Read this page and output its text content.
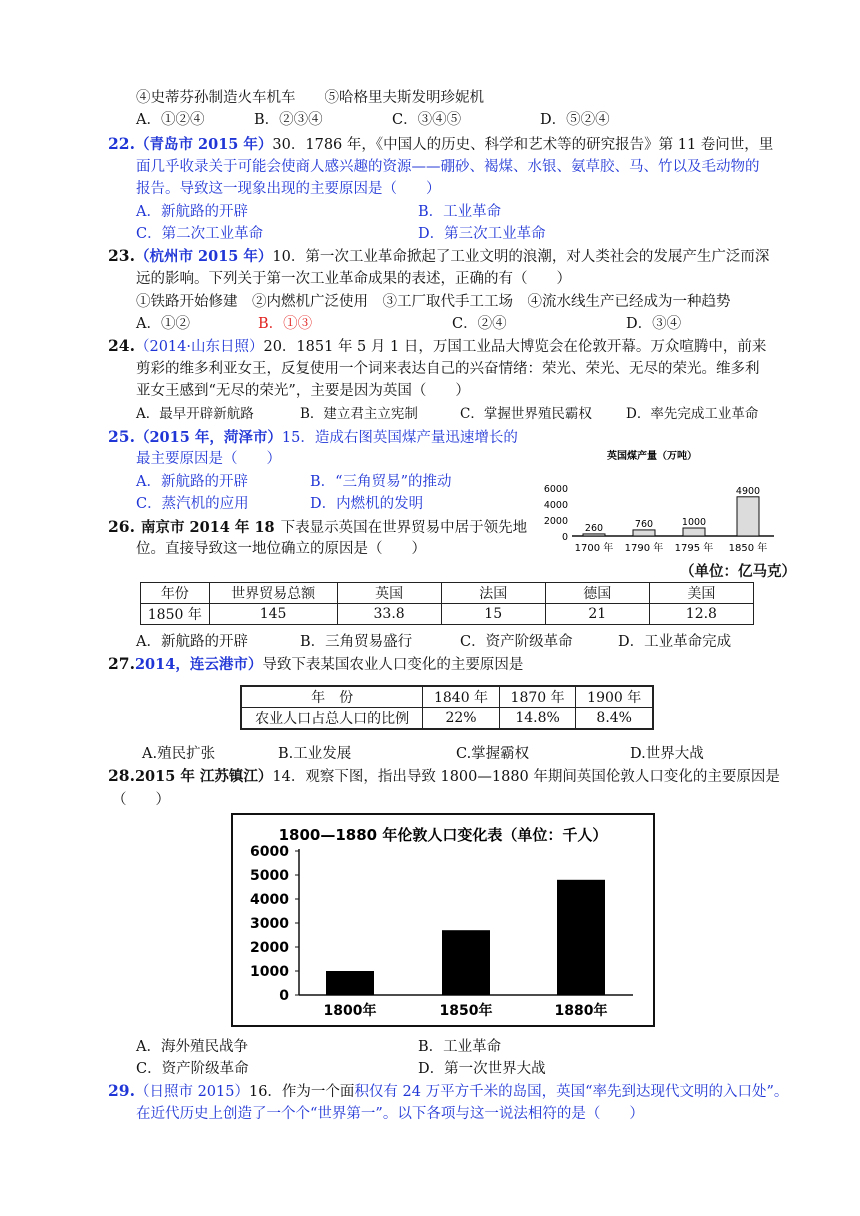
④史蒂芬孙制造火车机车　　⑤哈格里夫斯发明珍妮机
A．①②④	B．②③④	C．③④⑤	D．⑤②④
22.（青岛市 2015 年）30．1786 年，《中国人的历史、科学和艺术等的研究报告》第 11 卷问世，里
面几乎收录关于可能会使商人感兴趣的资源——硼砂、褐煤、水银、氨草胶、马、竹以及毛动物的
报告。导致这一现象出现的主要原因是（　　）
A．新航路的开辟	B．工业革命
C．第二次工业革命	D．第三次工业革命
23.（杭州市 2015 年）10．第一次工业革命掀起了工业文明的浪潮，对人类社会的发展产生广泛而深
远的影响。下列关于第一次工业革命成果的表述，正确的有（　　）
①铁路开始修建　②内燃机广泛使用　③工厂取代手工工场　④流水线生产已经成为一种趋势
A．①②	B．①③	C．②④	D．③④
24.（2014·山东日照）20．1851 年 5 月 1 日，万国工业品大博览会在伦敦开幕。万众喧腾中，前来
剪彩的维多利亚女王，反复使用一个词来表达自己的兴奋情绪：荣光、荣光、无尽的荣光。维多利
亚女王感到“无尽的荣光”，主要是因为英国（　　）
A．最早开辟新航路	B．建立君主立宪制	C．掌握世界殖民霸权	D．率先完成工业革命
25.（2015 年，菏泽市）15．造成右图英国煤产量迅速增长的
最主要原因是（　　）
A．新航路的开辟	B．“三角贸易”的推动
C．蒸汽机的应用	D．内燃机的发明
英国煤产量（万吨）
6000
4000
2000
0
260
1700 年
760
1790 年
1000
1795 年
4900
1850 年
26. 南京市 2014 年 18 下表显示英国在世界贸易中居于领先地
位。直接导致这一地位确立的原因是（　　）
（单位：亿马克）
年份	世界贸易总额	英国	法国	德国	美国
1850 年	145	33.8	15	21	12.8
A．新航路的开辟	B．三角贸易盛行	C．资产阶级革命	D．工业革命完成
27.2014，连云港市）导致下表某国农业人口变化的主要原因是
年　份	1840 年	1870 年	1900 年
农业人口占总人口的比例	22%	14.8%	8.4%
A.殖民扩张	B.工业发展	C.掌握霸权	D.世界大战
28.2015 年 江苏镇江）14．观察下图，指出导致 1800—1880 年期间英国伦敦人口变化的主要原因是
（　　）
1800—1880 年伦敦人口变化表（单位：千人）
6000
5000
4000
3000
2000
1000
0
1800年	1850年	1880年
A．海外殖民战争	B．工业革命
C．资产阶级革命	D．第一次世界大战
29.（日照市 2015）16．作为一个面积仅有 24 万平方千米的岛国，英国“率先到达现代文明的入口处”。
在近代历史上创造了一个个“世界第一”。以下各项与这一说法相符的是（　　）
